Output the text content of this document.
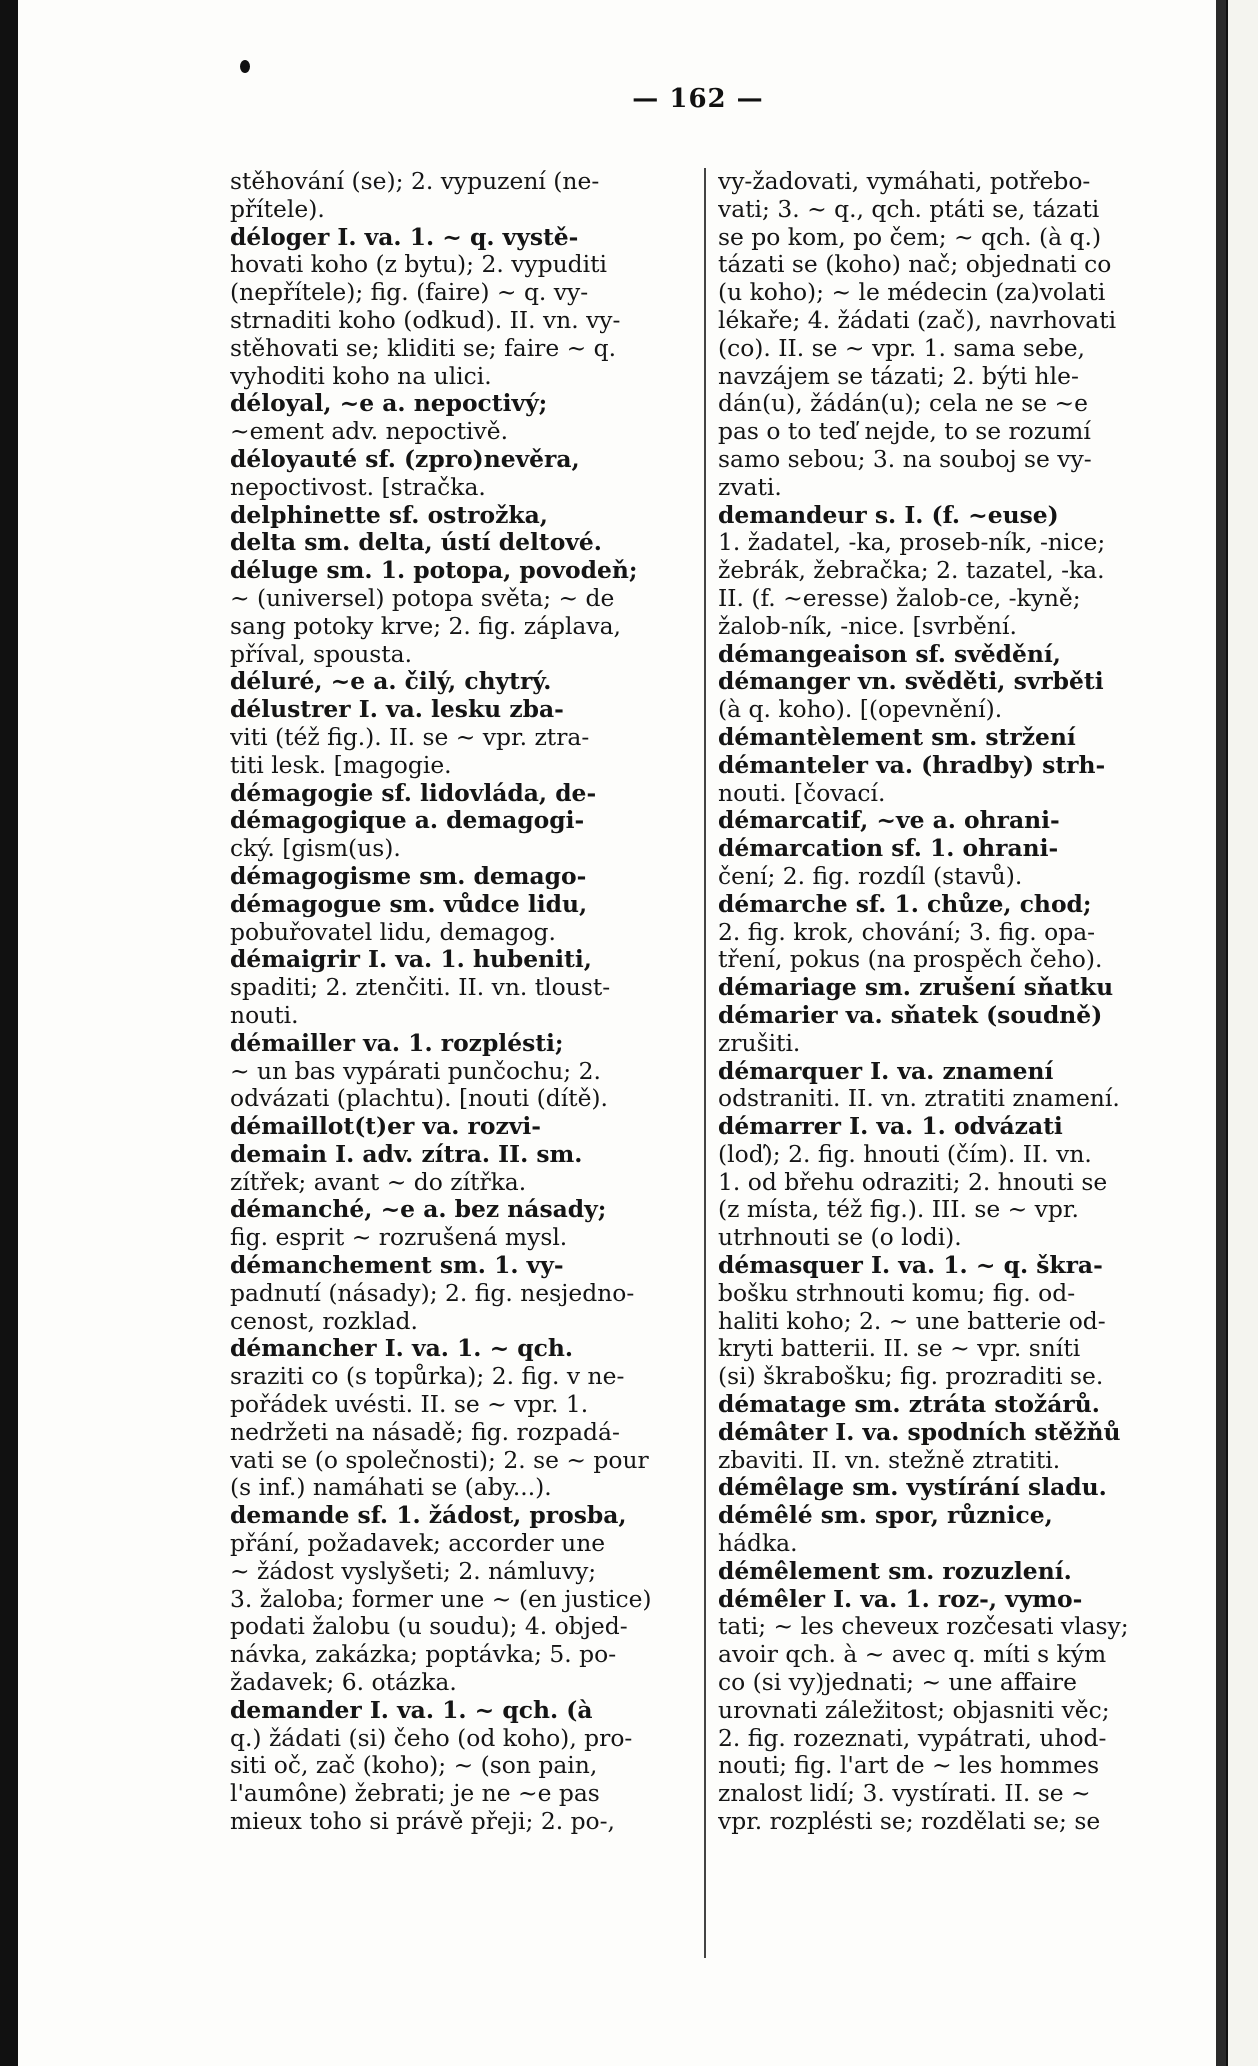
— 162 —
stěhování (se); 2. vypuzení (ne-
přítele).
déloger I. va. 1. ~ q. vystě-
hovati koho (z bytu); 2. vypuditi
(nepřítele); fig. (faire) ~ q. vy-
strnaditi koho (odkud). II. vn. vy-
stěhovati se; kliditi se; faire ~ q.
vyhoditi koho na ulici.
déloyal, ~e a. nepoctivý;
~ement adv. nepoctivě.
déloyauté sf. (zpro)nevěra,
nepoctivost. [stračka.
delphinette sf. ostrožka,
delta sm. delta, ústí deltové.
déluge sm. 1. potopa, povodeň;
~ (universel) potopa světa; ~ de
sang potoky krve; 2. fig. záplava,
příval, spousta.
déluré, ~e a. čilý, chytrý.
délustrer I. va. lesku zba-
viti (též fig.). II. se ~ vpr. ztra-
titi lesk. [magogie.
démagogie sf. lidovláda, de-
démagogique a. demagogi-
cký. [gism(us).
démagogisme sm. demago-
démagogue sm. vůdce lidu,
pobuřovatel lidu, demagog.
démaigrir I. va. 1. hubeniti,
spaditi; 2. ztenčiti. II. vn. tloust-
nouti.
démailler va. 1. rozplésti;
~ un bas vypárati punčochu; 2.
odvázati (plachtu). [nouti (dítě).
démaillot(t)er va. rozvi-
demain I. adv. zítra. II. sm.
zítřek; avant ~ do zítřka.
démanché, ~e a. bez násady;
fig. esprit ~ rozrušená mysl.
démanchement sm. 1. vy-
padnutí (násady); 2. fig. nesjedno-
cenost, rozklad.
démancher I. va. 1. ~ qch.
sraziti co (s topůrka); 2. fig. v ne-
pořádek uvésti. II. se ~ vpr. 1.
nedržeti na násadě; fig. rozpadá-
vati se (o společnosti); 2. se ~ pour
(s inf.) namáhati se (aby...).
demande sf. 1. žádost, prosba,
přání, požadavek; accorder une
~ žádost vyslyšeti; 2. námluvy;
3. žaloba; former une ~ (en justice)
podati žalobu (u soudu); 4. objed-
návka, zakázka; poptávka; 5. po-
žadavek; 6. otázka.
demander I. va. 1. ~ qch. (à
q.) žádati (si) čeho (od koho), pro-
siti oč, zač (koho); ~ (son pain,
l'aumône) žebrati; je ne ~e pas
mieux toho si právě přeji; 2. po-,
vy-žadovati, vymáhati, potřebo-
vati; 3. ~ q., qch. ptáti se, tázati
se po kom, po čem; ~ qch. (à q.)
tázati se (koho) nač; objednati co
(u koho); ~ le médecin (za)volati
lékaře; 4. žádati (zač), navrhovati
(co). II. se ~ vpr. 1. sama sebe,
navzájem se tázati; 2. býti hle-
dán(u), žádán(u); cela ne se ~e
pas o to teď nejde, to se rozumí
samo sebou; 3. na souboj se vy-
zvati.
demandeur s. I. (f. ~euse)
1. žadatel, -ka, proseb-ník, -nice;
žebrák, žebračka; 2. tazatel, -ka.
II. (f. ~eresse) žalob-ce, -kyně;
žalob-ník, -nice. [svrbění.
démangeaison sf. svědění,
démanger vn. svěděti, svrběti
(à q. koho). [(opevnění).
démantèlement sm. stržení
démanteler va. (hradby) strh-
nouti. [čovací.
démarcatif, ~ve a. ohrani-
démarcation sf. 1. ohrani-
čení; 2. fig. rozdíl (stavů).
démarche sf. 1. chůze, chod;
2. fig. krok, chování; 3. fig. opa-
tření, pokus (na prospěch čeho).
démariage sm. zrušení sňatku
démarier va. sňatek (soudně)
zrušiti.
démarquer I. va. znamení
odstraniti. II. vn. ztratiti znamení.
démarrer I. va. 1. odvázati
(loď); 2. fig. hnouti (čím). II. vn.
1. od břehu odraziti; 2. hnouti se
(z místa, též fig.). III. se ~ vpr.
utrhnouti se (o lodi).
démasquer I. va. 1. ~ q. škra-
bošku strhnouti komu; fig. od-
haliti koho; 2. ~ une batterie od-
kryti batterii. II. se ~ vpr. sníti
(si) škrabošku; fig. prozraditi se.
dématage sm. ztráta stožárů.
démâter I. va. spodních stěžňů
zbaviti. II. vn. stežně ztratiti.
démêlage sm. vystírání sladu.
démêlé sm. spor, různice,
hádka.
démêlement sm. rozuzlení.
démêler I. va. 1. roz-, vymo-
tati; ~ les cheveux rozčesati vlasy;
avoir qch. à ~ avec q. míti s kým
co (si vy)jednati; ~ une affaire
urovnati záležitost; objasniti věc;
2. fig. rozeznati, vypátrati, uhod-
nouti; fig. l'art de ~ les hommes
znalost lidí; 3. vystírati. II. se ~
vpr. rozplésti se; rozdělati se; se
